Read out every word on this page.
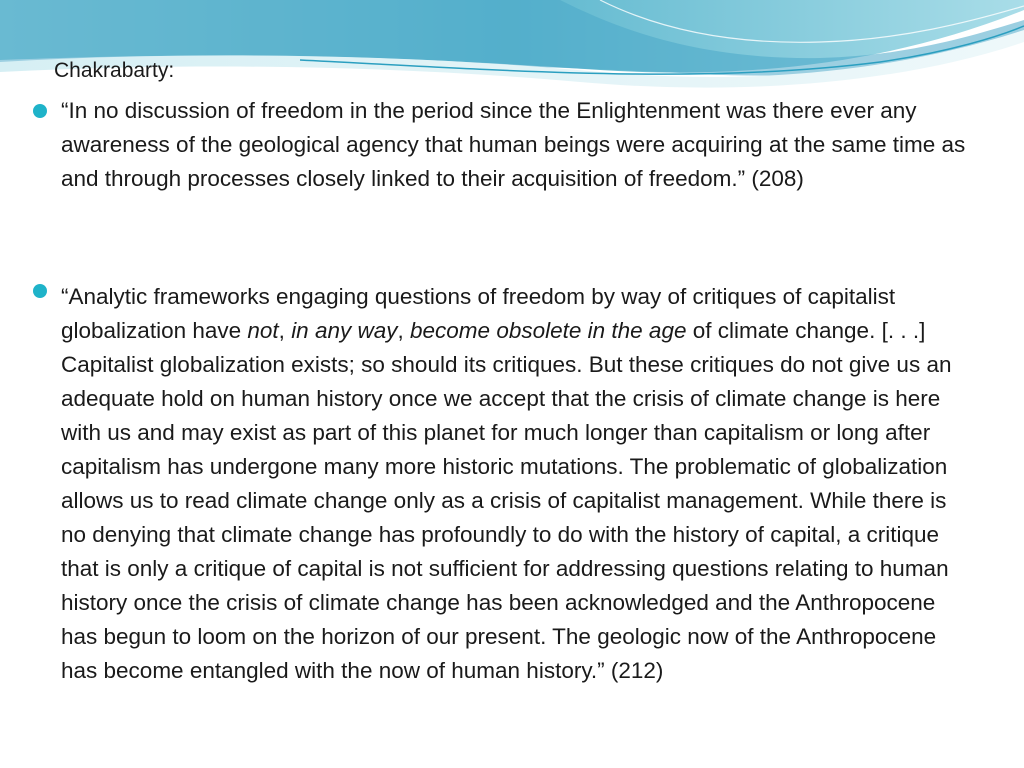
Chakrabarty:

“In no discussion of freedom in the period since the Enlightenment was there ever any awareness of the geological agency that human beings were acquiring at the same time as and through processes closely linked to their acquisition of freedom.” (208)

“Analytic frameworks engaging questions of freedom by way of critiques of capitalist globalization have not, in any way, become obsolete in the age of climate change. [. . .] Capitalist globalization exists; so should its critiques. But these critiques do not give us an adequate hold on human history once we accept that the crisis of climate change is here with us and may exist as part of this planet for much longer than capitalism or long after capitalism has undergone many more historic mutations. The problematic of globalization allows us to read climate change only as a crisis of capitalist management. While there is no denying that climate change has profoundly to do with the history of capital, a critique that is only a critique of capital is not sufficient for addressing questions relating to human history once the crisis of climate change has been acknowledged and the Anthropocene has begun to loom on the horizon of our present. The geologic now of the Anthropocene has become entangled with the now of human history.” (212)
